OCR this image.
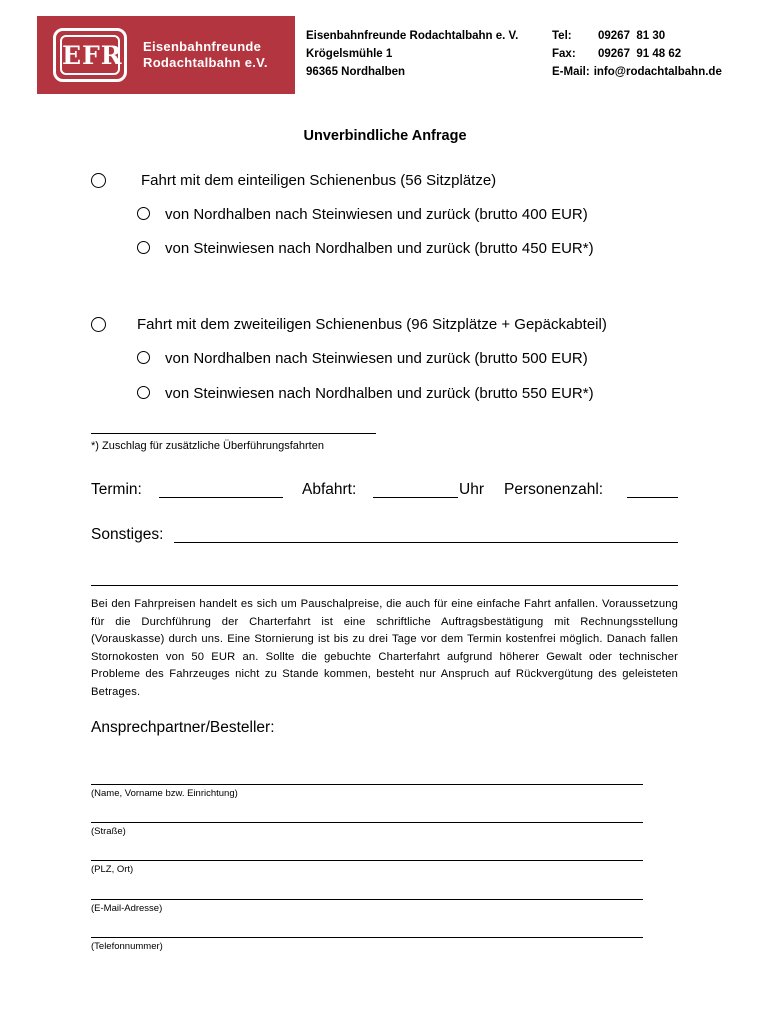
EFR Eisenbahnfreunde
Rodachtalbahn e.V.
Eisenbahnfreunde Rodachtalbahn e. V.
Krögelsmühle 1
96365 Nordhalben
Tel:	09267  81 30
Fax:	09267  91 48 62
E-Mail: info@rodachtalbahn.de
Unverbindliche Anfrage
Fahrt mit dem einteiligen Schienenbus (56 Sitzplätze)
von Nordhalben nach Steinwiesen und zurück (brutto 400 EUR)
von Steinwiesen nach Nordhalben und zurück (brutto 450 EUR*)
Fahrt mit dem zweiteiligen Schienenbus (96 Sitzplätze + Gepäckabteil)
von Nordhalben nach Steinwiesen und zurück (brutto 500 EUR)
von Steinwiesen nach Nordhalben und zurück (brutto 550 EUR*)
*) Zuschlag für zusätzliche Überführungsfahrten
Termin:	Abfahrt:	Uhr Personenzahl:
Sonstiges:
Bei den Fahrpreisen handelt es sich um Pauschalpreise, die auch für eine einfache Fahrt anfallen. Voraussetzung für die Durchführung der Charterfahrt ist eine schriftliche Auftragsbestätigung mit Rechnungsstellung (Vorauskasse) durch uns. Eine Stornierung ist bis zu drei Tage vor dem Termin kostenfrei möglich. Danach fallen Stornokosten von 50 EUR an. Sollte die gebuchte Charterfahrt aufgrund höherer Gewalt oder technischer Probleme des Fahrzeuges nicht zu Stande kommen, besteht nur Anspruch auf Rückvergütung des geleisteten Betrages.
Ansprechpartner/Besteller:
(Name, Vorname bzw. Einrichtung)
(Straße)
(PLZ, Ort)
(E-Mail-Adresse)
(Telefonnummer)
